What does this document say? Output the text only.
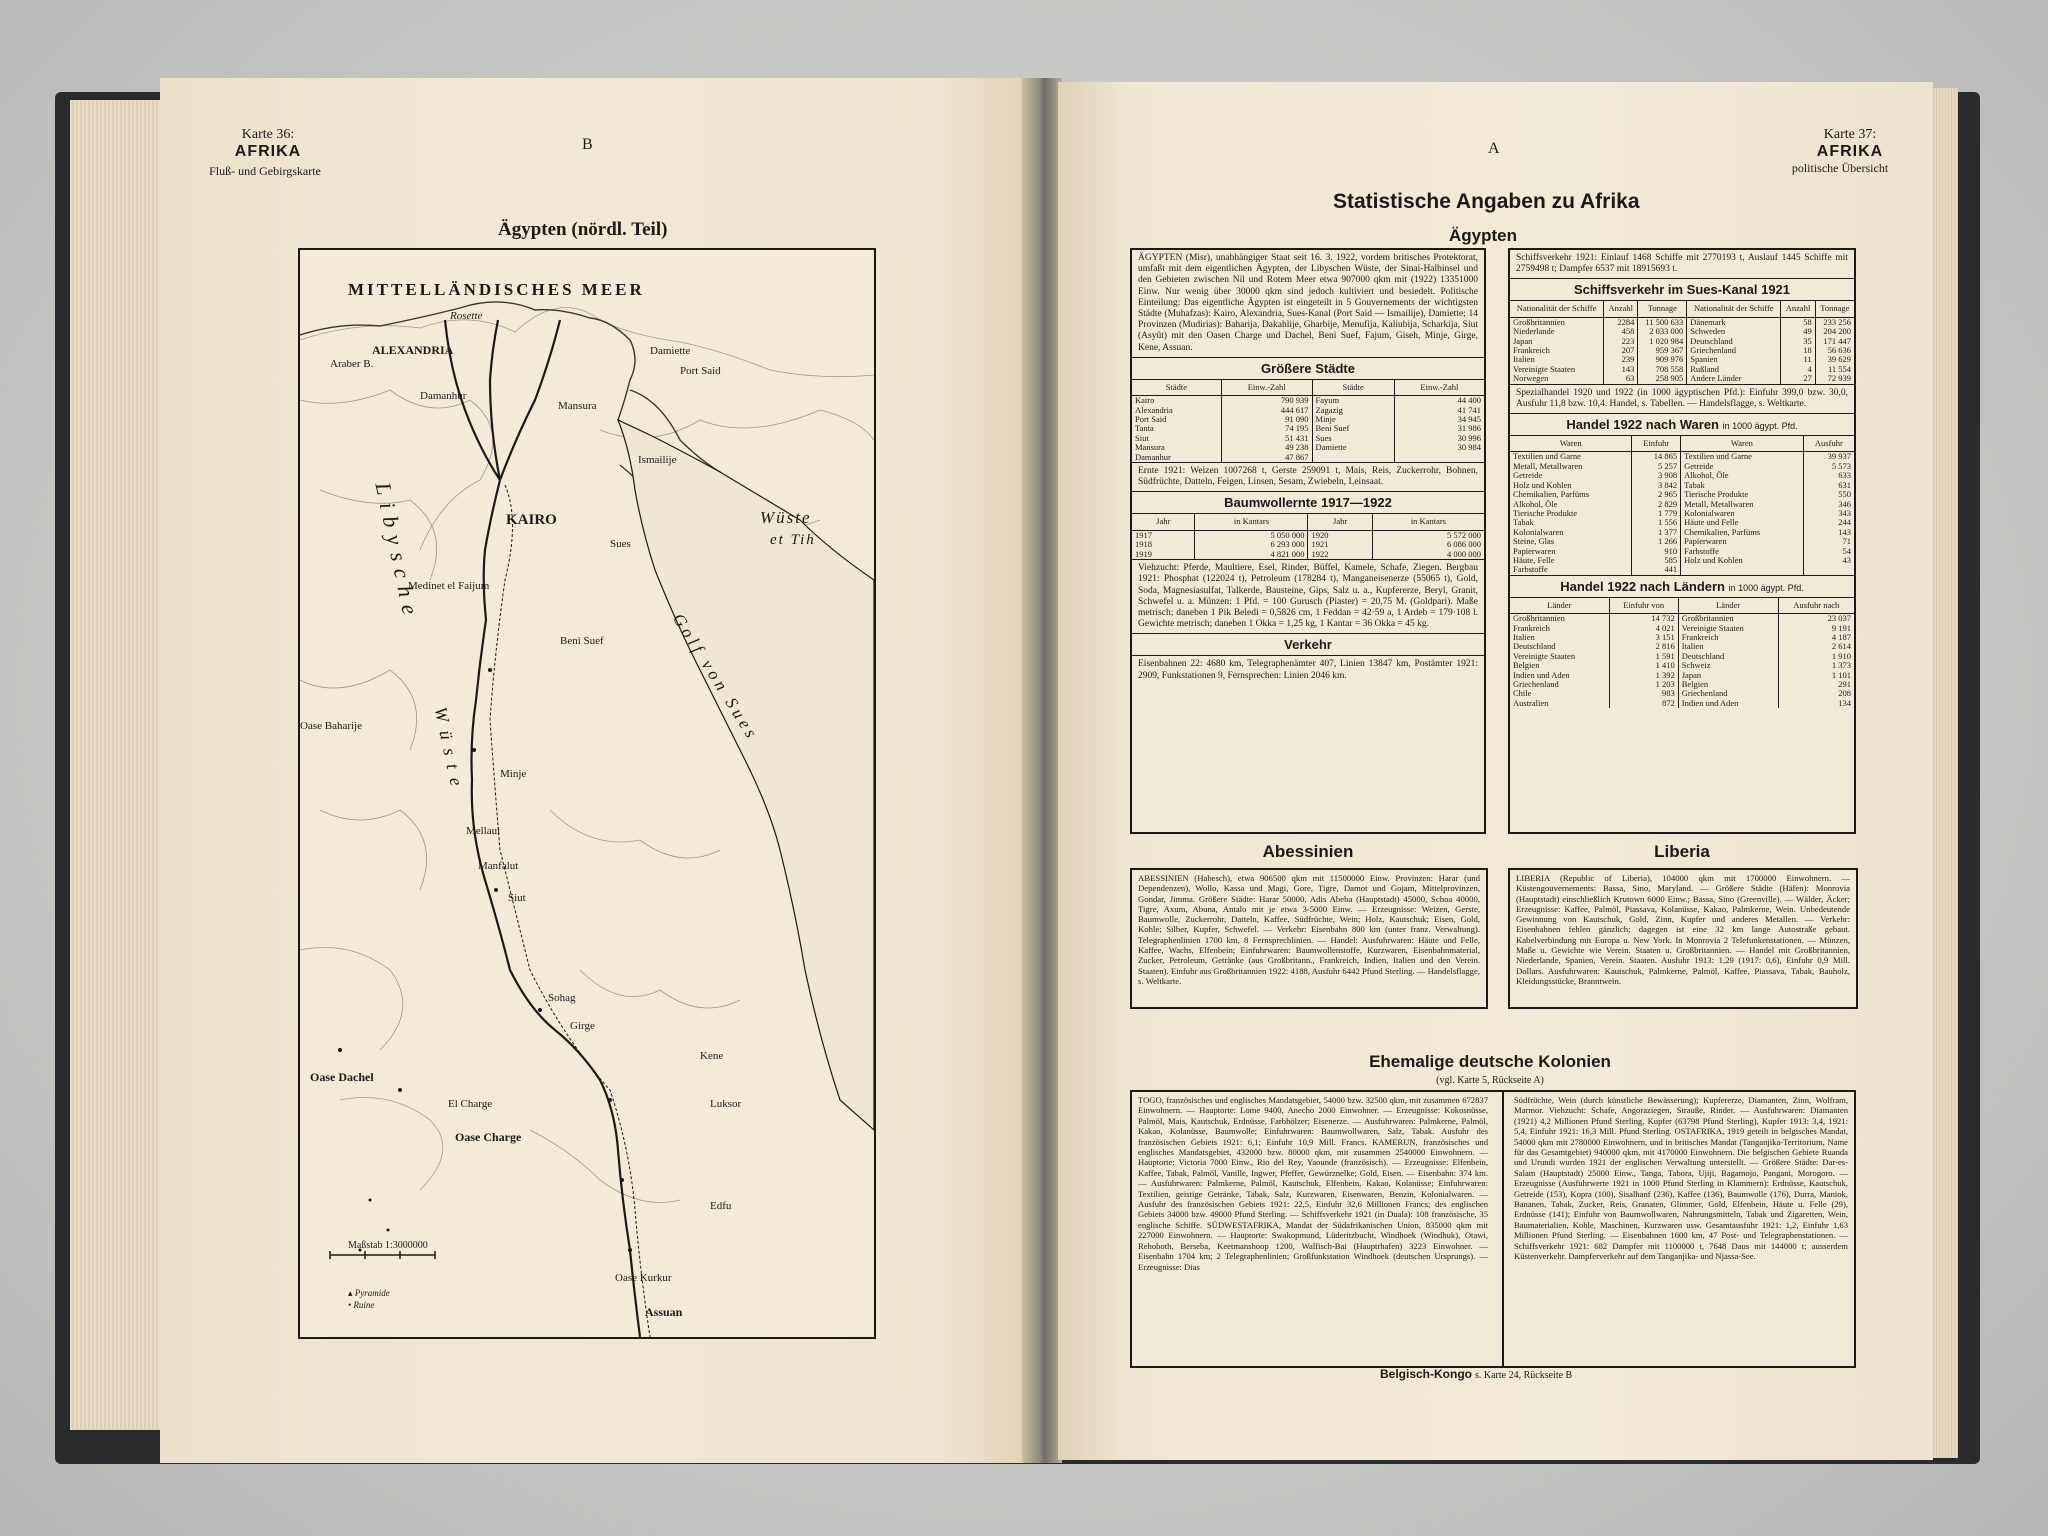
Karte 36:
AFRIKA
Fluß- und Gebirgskarte
B
Ägypten (nördl. Teil)
MITTELLÄNDISCHES MEER
ALEXANDRIA
Araber B.
Rosette
Damiette
Port Said
Damanhur
Mansura
Ismailije
KAIRO
Sues
Wüste
et Tih
Golf von Sues
Libysche
Wüste
Beni Suef
Medinet el Faijum
Oase Baharije
Minje
Mellaui
Manfalut
Siut
Sohag
Girge
Oase Dachel
El Charge
Oase Charge
Kene
Luksor
Edfu
Oase Kurkur
Assuan
Maßstab 1:3000000
▴ Pyramide
• Ruine
A
Karte 37:
AFRIKA
politische Übersicht
Statistische Angaben zu Afrika
Ägypten
ÄGYPTEN (Misr), unabhängiger Staat seit 16. 3. 1922, vordem britisches Protektorat, umfaßt mit dem eigentlichen Ägypten, der Libyschen Wüste, der Sinai-Halbinsel und den Gebieten zwischen Nil und Rotem Meer etwa 907000 qkm mit (1922) 13351000 Einw. Nur wenig über 30000 qkm sind jedoch kultiviert und besiedelt. Politische Einteilung: Das eigentliche Ägypten ist eingeteilt in 5 Gouvernements der wichtigsten Städte (Muhafzas): Kairo, Alexandria, Sues-Kanal (Port Said — Ismailije), Damiette; 14 Provinzen (Mudirias): Baharija, Dakahlije, Gharbije, Menufija, Kaliubija, Scharkija, Siut (Asyût) mit den Oasen Charge und Dachel, Beni Suef, Fajum, Giseh, Minje, Girge, Kene, Assuan.
Größere Städte
Städte	Einw.-Zahl	Städte	Einw.-Zahl
Kairo	790 939	Fayum	44 400
Alexandria	444 617	Zagazig	41 741
Port Said	91 090	Minje	34 945
Tanta	74 195	Beni Suef	31 986
Siut	51 431	Sues	30 996
Mansura	49 238	Damiette	30 984
Damanhur	47 867		
Ernte 1921: Weizen 1007268 t, Gerste 259091 t, Mais, Reis, Zuckerrohr, Bohnen, Südfrüchte, Datteln, Feigen, Linsen, Sesam, Zwiebeln, Leinsaat.
Baumwollernte 1917—1922
Jahr	in Kantars	Jahr	in Kantars
1917	5 050 000	1920	5 572 000
1918	6 293 000	1921	6 086 000
1919	4 821 000	1922	4 000 000
Viehzucht: Pferde, Maultiere, Esel, Rinder, Büffel, Kamele, Schafe, Ziegen. Bergbau 1921: Phosphat (122024 t), Petroleum (178284 t), Manganeisenerze (55065 t), Gold, Soda, Magnesiasulfat, Talkerde, Bausteine, Gips, Salz u. a., Kupfererze, Beryl, Granit, Schwefel u. a. Münzen: 1 Pfd. = 100 Gurusch (Piaster) = 20,75 M. (Goldpari). Maße metrisch; daneben 1 Pik Beledi = 0,5826 cm, 1 Feddan = 42·59 a, 1 Ardeb = 179·108 l. Gewichte metrisch; daneben 1 Okka = 1,25 kg, 1 Kantar = 36 Okka = 45 kg.
Verkehr
Eisenbahnen 22: 4680 km, Telegraphenämter 407, Linien 13847 km, Postämter 1921: 2909, Funkstationen 9, Fernsprechen: Linien 2046 km.
Schiffsverkehr 1921: Einlauf 1468 Schiffe mit 2770193 t, Auslauf 1445 Schiffe mit 2759498 t; Dampfer 6537 mit 18915693 t.
Schiffsverkehr im Sues-Kanal 1921
Nationalität der Schiffe	Anzahl	Tonnage	Nationalität der Schiffe	Anzahl	Tonnage
Großbritannien	2284	11 500 633	Dänemark	58	233 256
Niederlande	458	2 033 000	Schweden	49	204 200
Japan	223	1 020 984	Deutschland	35	171 447
Frankreich	207	959 367	Griechenland	18	56 636
Italien	239	909 976	Spanien	11	39 629
Vereinigte Staaten	143	708 558	Rußland	4	11 554
Norwegen	63	258 905	Andere Länder	27	72 939
Spezialhandel 1920 und 1922 (in 1000 ägyptischen Pfd.): Einfuhr 399,0 bzw. 30,0, Ausfuhr 11,8 bzw. 10,4. Handel, s. Tabellen. — Handelsflagge, s. Weltkarte.
Handel 1922 nach Waren in 1000 ägypt. Pfd.
Waren	Einfuhr	Waren	Ausfuhr
Textilien und Garne	14 865	Textilien und Garne	39 937
Metall, Metallwaren	5 257	Getreide	5 573
Getreide	3 908	Alkohol, Öle	633
Holz und Kohlen	3 842	Tabak	631
Chemikalien, Parfüms	2 965	Tierische Produkte	550
Alkohol, Öle	2 829	Metall, Metallwaren	346
Tierische Produkte	1 779	Kolonialwaren	343
Tabak	1 556	Häute und Felle	244
Kolonialwaren	1 377	Chemikalien, Parfüms	143
Steine, Glas	1 266	Papierwaren	71
Papierwaren	910	Farbstoffe	54
Häute, Felle	585	Holz und Kohlen	43
Farbstoffe	441		
Handel 1922 nach Ländern in 1000 ägypt. Pfd.
Länder	Einfuhr von	Länder	Ausfuhr nach
Großbritannien	14 732	Großbritannien	23 037
Frankreich	4 021	Vereinigte Staaten	9 191
Italien	3 151	Frankreich	4 187
Deutschland	2 816	Italien	2 614
Vereinigte Staaten	1 591	Deutschland	1 910
Belgien	1 410	Schweiz	1 373
Indien und Aden	1 392	Japan	1 101
Griechenland	1 203	Belgien	291
Chile	983	Griechenland	208
Australien	872	Indien und Aden	134
Abessinien	Liberia
ABESSINIEN (Habesch), etwa 906500 qkm mit 11500000 Einw. Provinzen: Harar (und Dependenzen), Wollo, Kassa und Magi, Gore, Tigre, Damot und Gojam, Mittelprovinzen, Gondar, Jimma. Größere Städte: Harar 50000, Adis Abeba (Hauptstadt) 45000, Schoa 40000, Tigre, Axum, Abuna, Antalo mit je etwa 3-5000 Einw. — Erzeugnisse: Weizen, Gerste, Baumwolle, Zuckerrohr, Datteln, Kaffee, Südfrüchte, Wein; Holz, Kautschuk; Eisen, Gold, Kohle; Silber, Kupfer, Schwefel. — Verkehr: Eisenbahn 800 km (unter franz. Verwaltung). Telegraphenlinien 1700 km, 8 Fernsprechlinien. — Handel: Ausfuhrwaren: Häute und Felle, Kaffee, Wachs, Elfenbein; Einfuhrwaren: Baumwollenstoffe, Kurzwaren, Eisenbahnmaterial, Zucker, Petroleum, Getränke (aus Großbritann., Frankreich, Indien, Italien und den Verein. Staaten). Einfuhr aus Großbritannien 1922: 4188, Ausfuhr 6442 Pfund Sterling. — Handelsflagge, s. Weltkarte.
LIBERIA (Republic of Liberia), 104000 qkm mit 1700000 Einwohnern. — Küstengouvernements: Bassa, Sino, Maryland. — Größere Städte (Häfen): Monrovia (Hauptstadt) einschließlich Krutown 6000 Einw.; Bassa, Sino (Greenville). — Wälder, Äcker; Erzeugnisse: Kaffee, Palmöl, Piassava, Kolanüsse, Kakao, Palmkerne, Wein. Unbedeutende Gewinnung von Kautschuk, Gold, Zinn, Kupfer und anderes Metallen. — Verkehr: Eisenbahnen fehlen gänzlich; dagegen ist eine 32 km lange Autostraße gebaut. Kabelverbindung mit Europa u. New York. In Monrovia 2 Telefunkenstationen. — Münzen, Maße u. Gewichte wie Verein. Staaten u. Großbritannien. — Handel mit Großbritannien, Niederlande, Spanien, Verein. Staaten. Ausfuhr 1913: 1,29 (1917: 0,6), Einfuhr 0,9 Mill. Dollars. Ausfuhrwaren: Kautschuk, Palmkerne, Palmöl, Kaffee, Piassava, Tabak, Bauholz, Kleidungsstücke, Branntwein.
Ehemalige deutsche Kolonien
(vgl. Karte 5, Rückseite A)
TOGO, französisches und englisches Mandatsgebiet, 54000 bzw. 32500 qkm, mit zusammen 672837 Einwohnern. — Hauptorte: Lome 9400, Anecho 2000 Einwohner. — Erzeugnisse: Kokosnüsse, Palmöl, Mais, Kautschuk, Erdnüsse, Farbhölzer; Eisenerze. — Ausfuhrwaren: Palmkerne, Palmöl, Kakao, Kolanüsse, Baumwolle; Einfuhrwaren: Baumwollwaren, Salz, Tabak. Ausfuhr des französischen Gebiets 1921: 6,1; Einfuhr 10,9 Mill. Francs. KAMERUN, französisches und englisches Mandatsgebiet, 432000 bzw. 80000 qkm, mit zusammen 2540000 Einwohnern. — Hauptorte: Victoria 7000 Einw., Rio del Rey, Yaounde (französisch). — Erzeugnisse: Elfenbein, Kaffee, Tabak, Palmöl, Vanille, Ingwer, Pfeffer, Gewürznelke; Gold, Eisen. — Eisenbahn: 374 km. — Ausfuhrwaren: Palmkerne, Palmöl, Kautschuk, Elfenbein, Kakao, Kolanüsse; Einfuhrwaren: Textilien, geistige Getränke, Tabak, Salz, Kurzwaren, Eisenwaren, Benzin, Kolonialwaren. — Ausfuhr des französischen Gebiets 1921: 22,5, Einfuhr 32,6 Millionen Francs; des englischen Gebiets 34000 bzw. 49000 Pfund Sterling. — Schiffsverkehr 1921 (in Duala): 108 französische, 35 englische Schiffe. SÜDWESTAFRIKA, Mandat der Südafrikanischen Union, 835000 qkm mit 227000 Einwohnern. — Hauptorte: Swakopmund, Lüderitzbucht, Windhoek (Windhuk), Otawi, Rehoboth, Berseba, Keetmanshoop 1200, Walfisch-Bai (Hauptrhafen) 3223 Einwohner. — Eisenbahn 1704 km; 2 Telegraphenlinien; Großfunkstation Windhoek (deutschen Ursprungs). — Erzeugnisse: Dias
Südfrüchte, Wein (durch künstliche Bewässerung); Kupfererze, Diamanten, Zinn, Wolfram, Marmor. Viehzucht: Schafe, Angoraziegen, Strauße, Rinder. — Ausfuhrwaren: Diamanten (1921) 4,2 Millionen Pfund Sterling, Kupfer (63798 Pfund Sterling), Kupfer 1913: 3,4, 1921: 5,4, Einfuhr 1921: 16,3 Mill. Pfund Sterling. OSTAFRIKA, 1919 geteilt in belgisches Mandat, 54000 qkm mit 2780000 Einwohnern, und in britisches Mandat (Tanganjika-Territorium, Name für das Gesamtgebiet) 940000 qkm, mit 4170000 Einwohnern. Die belgischen Gebiete Ruanda und Urundi wurden 1921 der englischen Verwaltung unterstellt. — Größere Städte: Dar-es-Salam (Hauptstadt) 25000 Einw., Tanga, Tabora, Ujiji, Bagamojo, Pangani, Morogoro. — Erzeugnisse (Ausfuhrwerte 1921 in 1000 Pfund Sterling in Klammern): Erdnüsse, Kautschuk, Getreide (153), Kopra (100), Sisalhanf (236), Kaffee (136), Baumwolle (176), Durra, Maniok, Bananen, Tabak, Zucker, Reis, Granaten, Glimmer, Gold, Elfenbein, Häute u. Felle (29), Erdnüsse (141); Einfuhr von Baumwollwaren, Nahrungsmitteln, Tabak und Zigaretten, Wein, Baumaterialien, Kohle, Maschinen, Kurzwaren usw. Gesamtausfuhr 1921: 1,2, Einfuhr 1,63 Millionen Pfund Sterling. — Eisenbahnen 1600 km, 47 Post- und Telegraphenstationen. — Schiffsverkehr 1921: 682 Dampfer mit 1100000 t, 7648 Daus mit 144000 t; ausserdem Küstenverkehr. Dampferverkehr auf dem Tanganjika- und Njassa-See.
Belgisch-Kongo s. Karte 24, Rückseite B
